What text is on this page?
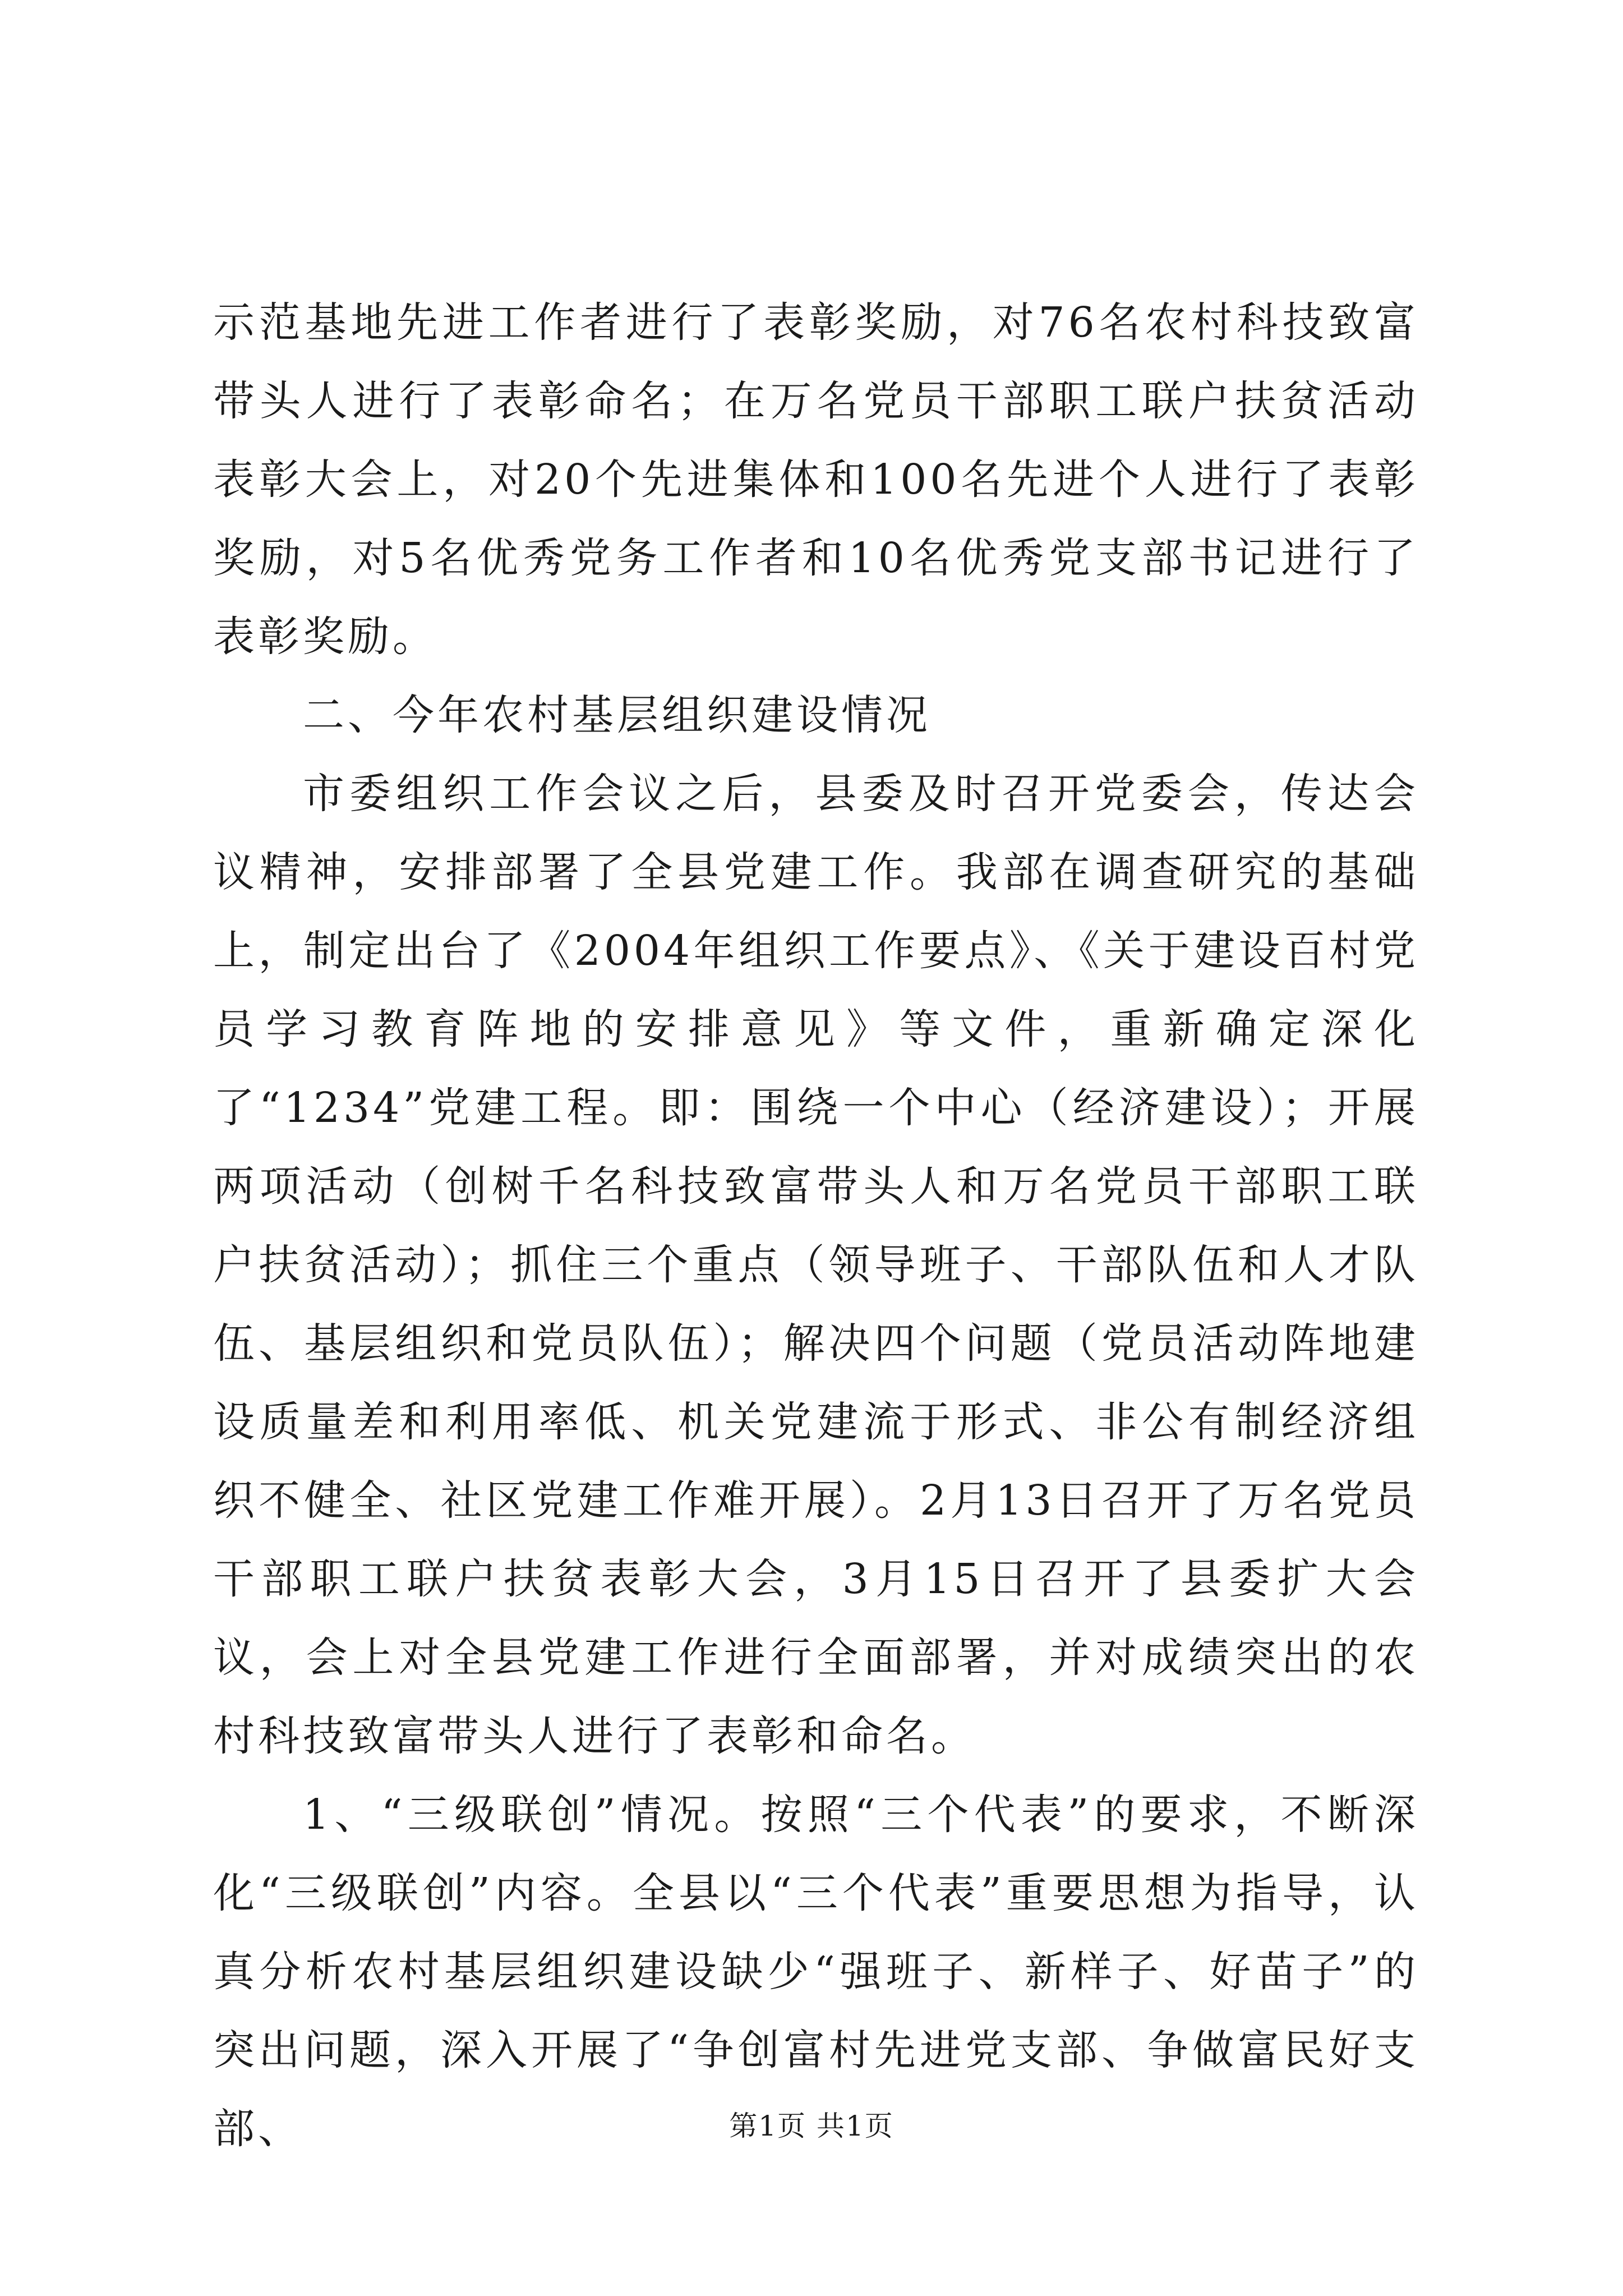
示范基地先进工作者进行了表彰奖励，对76名农村科技致富带头人进行了表彰命名；在万名党员干部职工联户扶贫活动表彰大会上，对20个先进集体和100名先进个人进行了表彰奖励，对5名优秀党务工作者和10名优秀党支部书记进行了表彰奖励。

二、今年农村基层组织建设情况

市委组织工作会议之后，县委及时召开党委会，传达会议精神，安排部署了全县党建工作。我部在调查研究的基础上，制定出台了《2004年组织工作要点》、《关于建设百村党员学习教育阵地的安排意见》等文件，重新确定深化了“1234”党建工程。即：围绕一个中心（经济建设）；开展两项活动（创树千名科技致富带头人和万名党员干部职工联户扶贫活动）；抓住三个重点（领导班子、干部队伍和人才队伍、基层组织和党员队伍）；解决四个问题（党员活动阵地建设质量差和利用率低、机关党建流于形式、非公有制经济组织不健全、社区党建工作难开展）。2月13日召开了万名党员干部职工联户扶贫表彰大会，3月15日召开了县委扩大会议，会上对全县党建工作进行全面部署，并对成绩突出的农村科技致富带头人进行了表彰和命名。

1、“三级联创”情况。按照“三个代表”的要求，不断深化“三级联创”内容。全县以“三个代表”重要思想为指导，认真分析农村基层组织建设缺少“强班子、新样子、好苗子”的突出问题，深入开展了“争创富村先进党支部、争做富民好支部、	第1页 共1页
